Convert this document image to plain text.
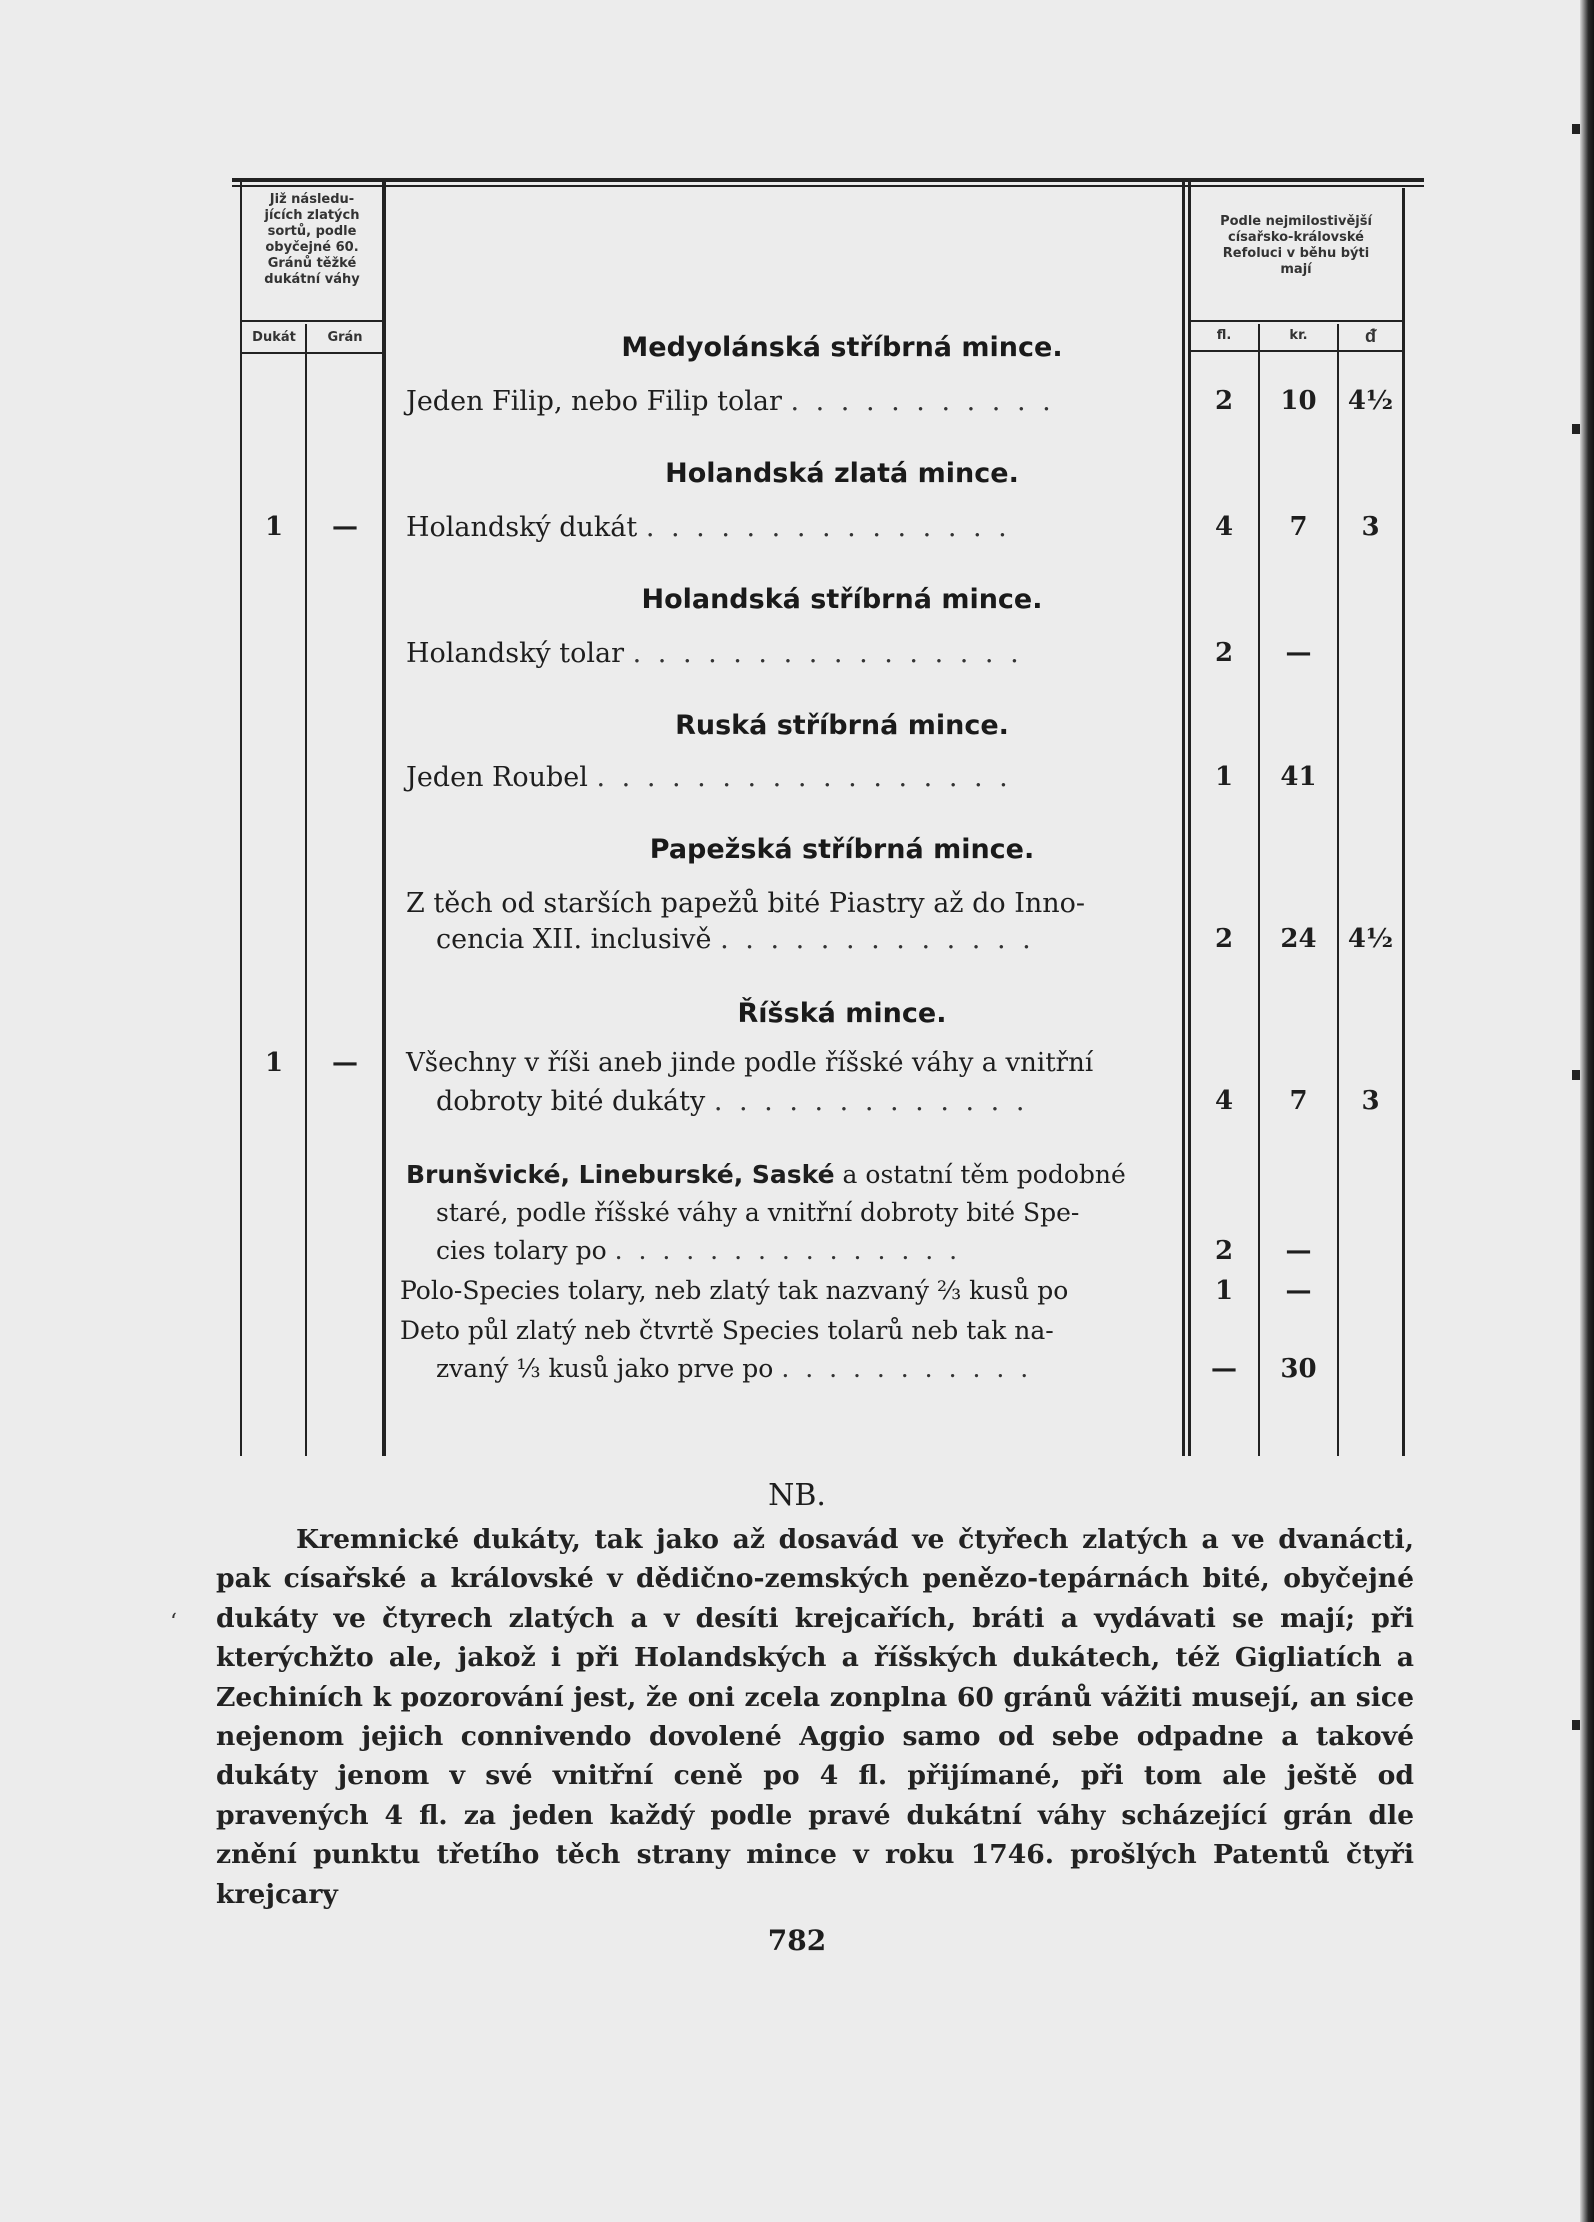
Již následu-
jících zlatých
sortů, podle
obyčejné 60.
Gránů těžké
dukátní váhy
Dukát	Grán
Podle nejmilostivější
císařsko-královské
Refoluci v běhu býti
mají
fl.	kr.	ᵭ
Medyolánská stříbrná mince.
Jeden Filip, nebo Filip tolar . . . . . . . . . . .	2	10	4½
Holandská zlatá mince.
1	—	Holandský dukát . . . . . . . . . . . . . . .	4	7	3
Holandská stříbrná mince.
Holandský tolar . . . . . . . . . . . . . . . .	2	—
Ruská stříbrná mince.
Jeden Roubel . . . . . . . . . . . . . . . . .	1	41
Papežská stříbrná mince.
Z těch od starších papežů bité Piastry až do Inno-
cencia XII. inclusivě . . . . . . . . . . . . .	2	24	4½
Říšská mince.
1	—	Všechny v říši aneb jinde podle říšské váhy a vnitřní
dobroty bité dukáty . . . . . . . . . . . . .	4	7	3
Brunšvické, Lineburské, Saské a ostatní těm podobné
staré, podle říšské váhy a vnitřní dobroty bité Spe-
cies tolary po . . . . . . . . . . . . . . .	2	—
Polo-Species tolary, neb zlatý tak nazvaný ⅔ kusů po	1	—
Deto půl zlatý neb čtvrtě Species tolarů neb tak na-
zvaný ⅓ kusů jako prve po . . . . . . . . . . .	—	30
NB.
Kremnické dukáty, tak jako až dosavád ve čtyřech zlatých a ve dvanácti, pak císařské a královské v dědično-zemských penězo-tepárnách bité, obyčejné dukáty ve čtyrech zlatých a v desíti krejcařích, bráti a vydávati se mají; při kterýchžto ale, jakož i při Holandských a říšských dukátech, též Gigliatích a Zechiních k pozorování jest, že oni zcela zonplna 60 gránů vážiti musejí, an sice nejenom jejich connivendo dovolené Aggio samo od sebe odpadne a takové dukáty jenom v své vnitřní ceně po 4 fl. přijímané, při tom ale ještě od pravených 4 fl. za jeden každý podle pravé dukátní váhy scházející grán dle znění punktu třetího těch strany mince v roku 1746. prošlých Patentů čtyři krejcary
ʻ
782
